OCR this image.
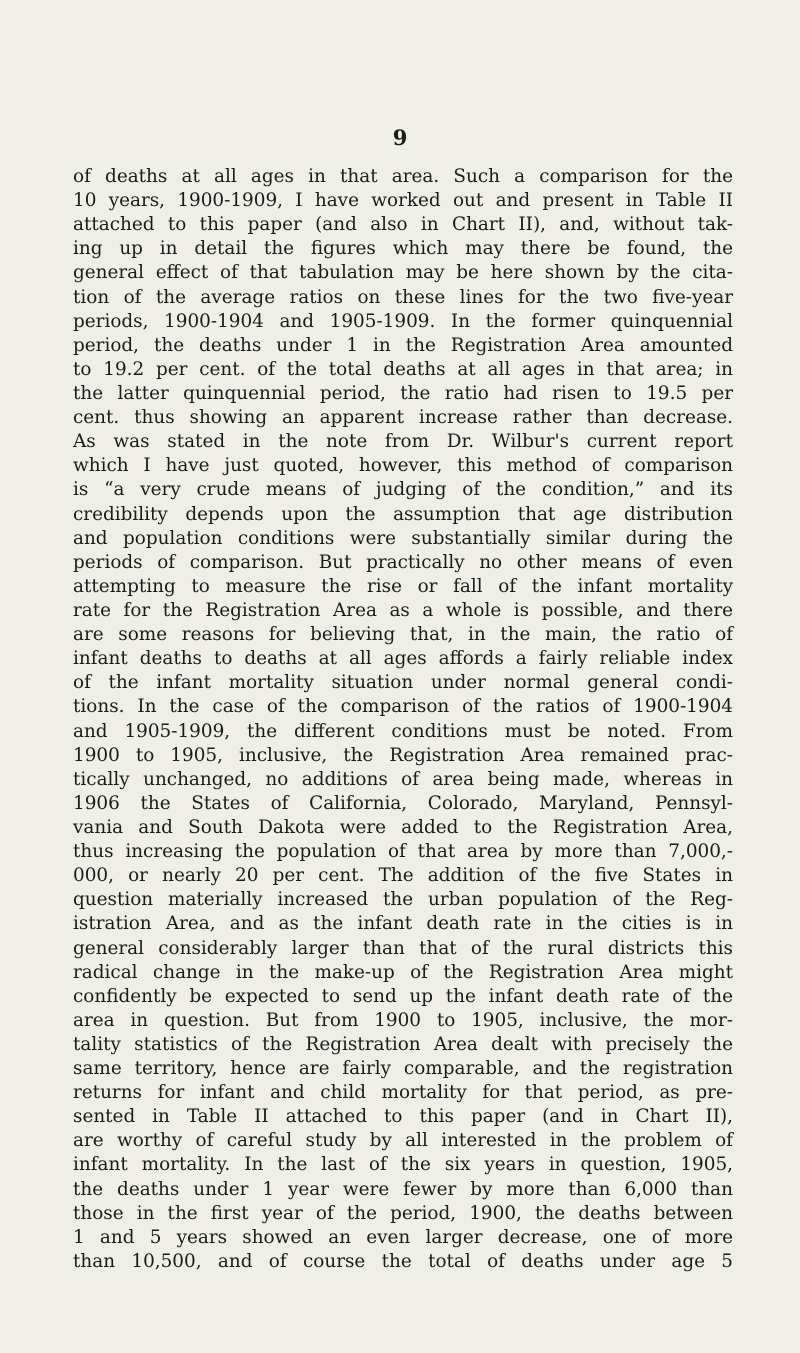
9
of deaths at all ages in that area. Such a comparison for the
10 years, 1900-1909, I have worked out and present in Table II
attached to this paper (and also in Chart II), and, without tak-
ing up in detail the figures which may there be found, the
general effect of that tabulation may be here shown by the cita-
tion of the average ratios on these lines for the two five-year
periods, 1900-1904 and 1905-1909. In the former quinquennial
period, the deaths under 1 in the Registration Area amounted
to 19.2 per cent. of the total deaths at all ages in that area; in
the latter quinquennial period, the ratio had risen to 19.5 per
cent. thus showing an apparent increase rather than decrease.
As was stated in the note from Dr. Wilbur's current report
which I have just quoted, however, this method of comparison
is “a very crude means of judging of the condition,” and its
credibility depends upon the assumption that age distribution
and population conditions were substantially similar during the
periods of comparison. But practically no other means of even
attempting to measure the rise or fall of the infant mortality
rate for the Registration Area as a whole is possible, and there
are some reasons for believing that, in the main, the ratio of
infant deaths to deaths at all ages affords a fairly reliable index
of the infant mortality situation under normal general condi-
tions. In the case of the comparison of the ratios of 1900-1904
and 1905-1909, the different conditions must be noted. From
1900 to 1905, inclusive, the Registration Area remained prac-
tically unchanged, no additions of area being made, whereas in
1906 the States of California, Colorado, Maryland, Pennsyl-
vania and South Dakota were added to the Registration Area,
thus increasing the population of that area by more than 7,000,-
000, or nearly 20 per cent. The addition of the five States in
question materially increased the urban population of the Reg-
istration Area, and as the infant death rate in the cities is in
general considerably larger than that of the rural districts this
radical change in the make-up of the Registration Area might
confidently be expected to send up the infant death rate of the
area in question. But from 1900 to 1905, inclusive, the mor-
tality statistics of the Registration Area dealt with precisely the
same territory, hence are fairly comparable, and the registration
returns for infant and child mortality for that period, as pre-
sented in Table II attached to this paper (and in Chart II),
are worthy of careful study by all interested in the problem of
infant mortality. In the last of the six years in question, 1905,
the deaths under 1 year were fewer by more than 6,000 than
those in the first year of the period, 1900, the deaths between
1 and 5 years showed an even larger decrease, one of more
than 10,500, and of course the total of deaths under age 5
